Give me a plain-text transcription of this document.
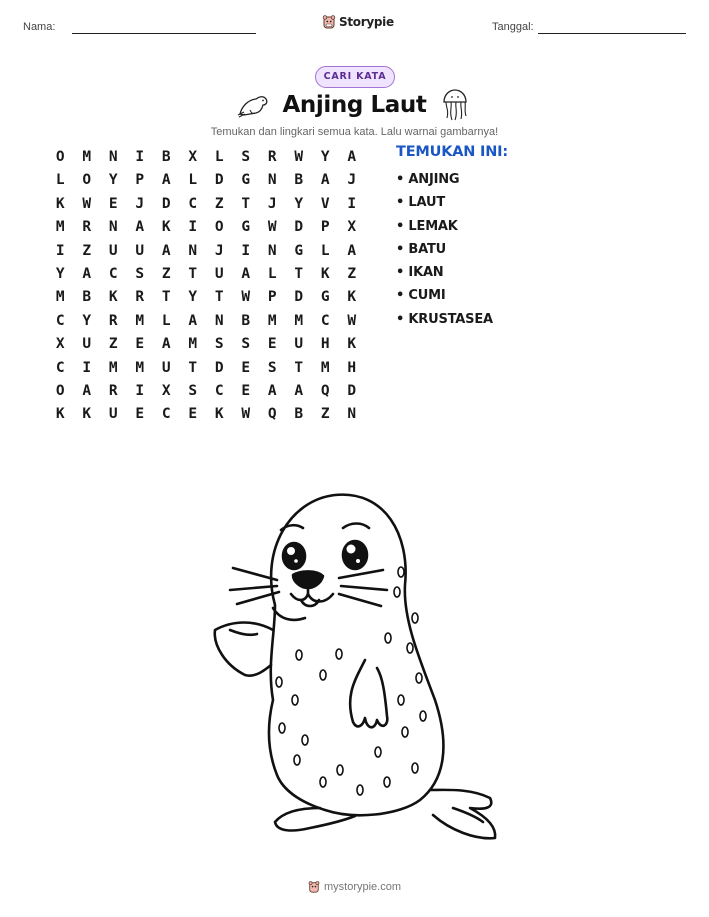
Nama:	Storypie	Tanggal:
CARI KATA
Anjing Laut
Temukan dan lingkari semua kata. Lalu warnai gambarnya!
O	M	N	I	B	X	L	S	R	W	Y	A
L	O	Y	P	A	L	D	G	N	B	A	J
K	W	E	J	D	C	Z	T	J	Y	V	I
M	R	N	A	K	I	O	G	W	D	P	X
I	Z	U	U	A	N	J	I	N	G	L	A
Y	A	C	S	Z	T	U	A	L	T	K	Z
M	B	K	R	T	Y	T	W	P	D	G	K
C	Y	R	M	L	A	N	B	M	M	C	W
X	U	Z	E	A	M	S	S	E	U	H	K
C	I	M	M	U	T	D	E	S	T	M	H
O	A	R	I	X	S	C	E	A	A	Q	D
K	K	U	E	C	E	K	W	Q	B	Z	N
TEMUKAN INI:
• ANJING
• LAUT
• LEMAK
• BATU
• IKAN
• CUMI
• KRUSTASEA
mystorypie.com
